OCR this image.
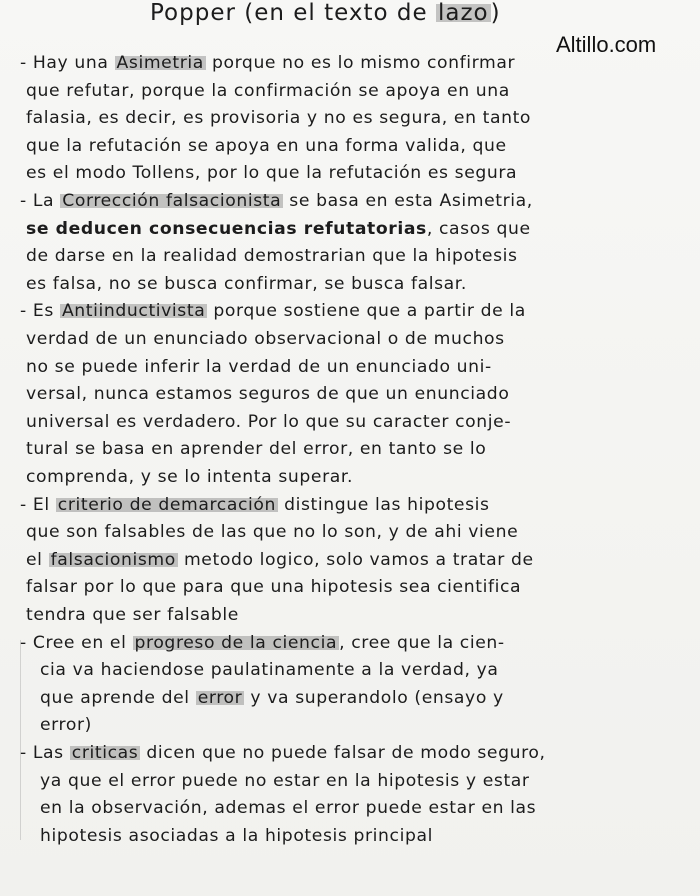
Popper (en el texto de lazo)
Altillo.com
- Hay una Asimetria porque no es lo mismo confirmar
que refutar, porque la confirmación se apoya en una
falasia, es decir, es provisoria y no es segura, en tanto
que la refutación se apoya en una forma valida, que
es el modo Tollens, por lo que la refutación es segura
- La Corrección falsacionista se basa en esta Asimetria,
se deducen consecuencias refutatorias, casos que
de darse en la realidad demostrarian que la hipotesis
es falsa, no se busca confirmar, se busca falsar.
- Es Antiinductivista porque sostiene que a partir de la
verdad de un enunciado observacional o de muchos
no se puede inferir la verdad de un enunciado uni-
versal, nunca estamos seguros de que un enunciado
universal es verdadero. Por lo que su caracter conje-
tural se basa en aprender del error, en tanto se lo
comprenda, y se lo intenta superar.
- El criterio de demarcación distingue las hipotesis
que son falsables de las que no lo son, y de ahi viene
el falsacionismo metodo logico, solo vamos a tratar de
falsar por lo que para que una hipotesis sea cientifica
tendra que ser falsable
- Cree en el progreso de la ciencia , cree que la cien-
cia va haciendose paulatinamente a la verdad, ya
que aprende del error y va superandolo (ensayo y
error)
- Las criticas dicen que no puede falsar de modo seguro,
ya que el error puede no estar en la hipotesis y estar
en la observación, ademas el error puede estar en las
hipotesis asociadas a la hipotesis principal
